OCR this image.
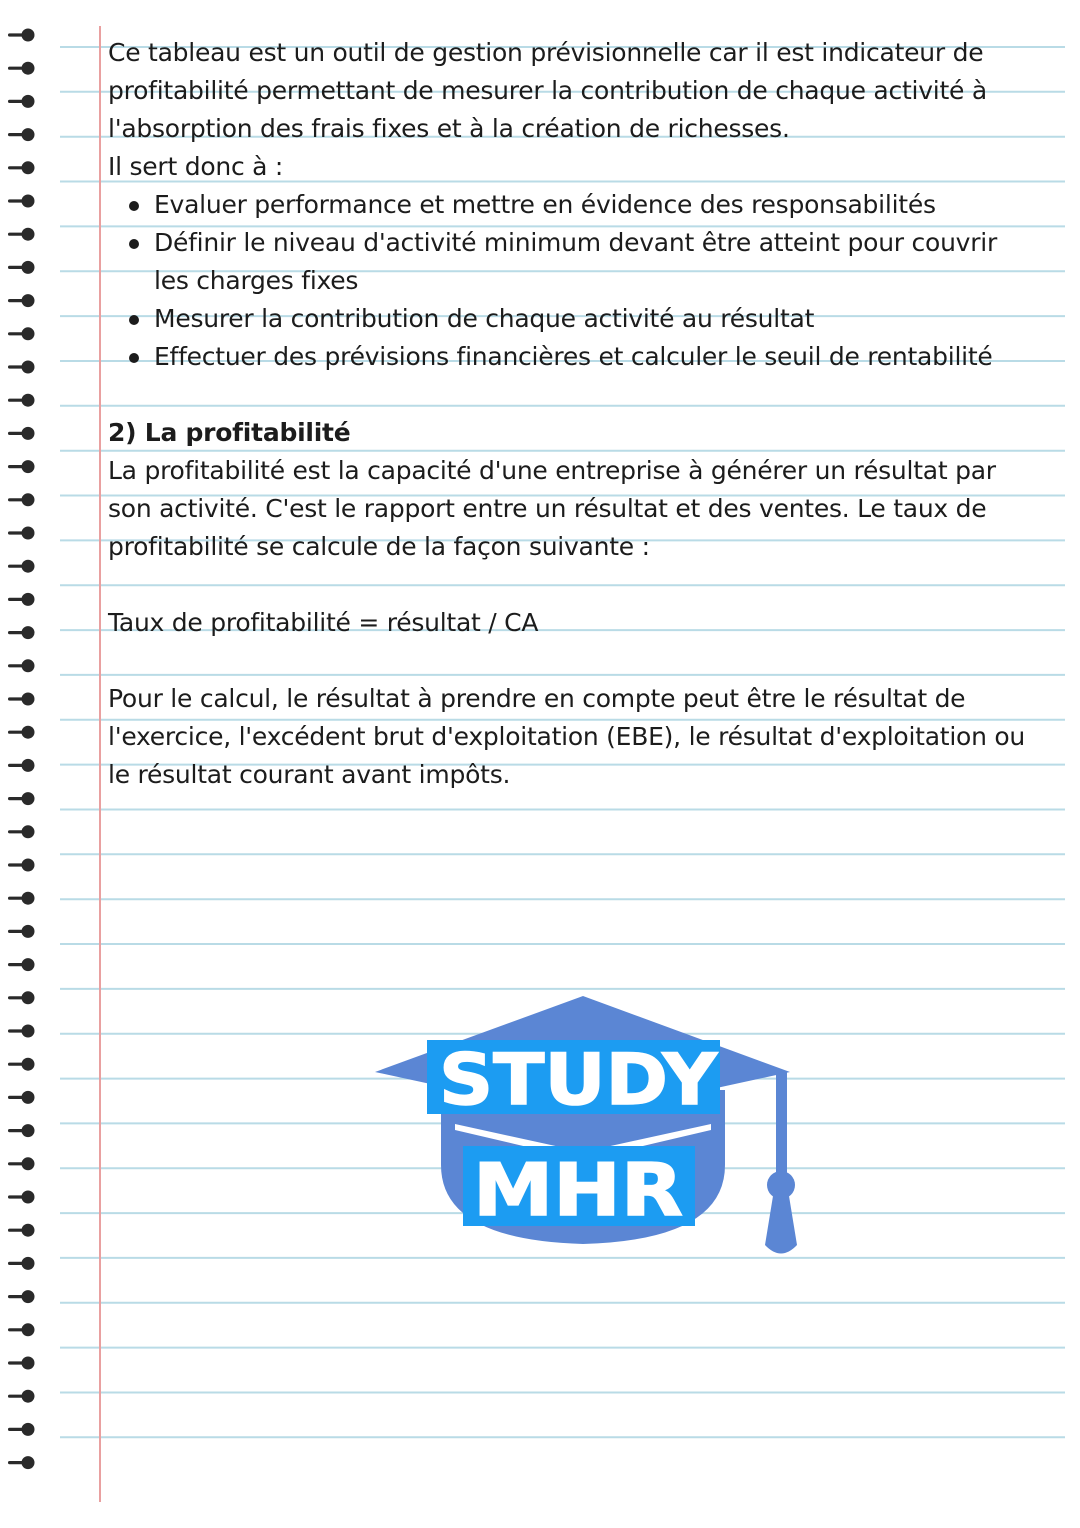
Ce tableau est un outil de gestion prévisionnelle car il est indicateur de profitabilité permettant de mesurer la contribution de chaque activité à l'absorption des frais fixes et à la création de richesses.

Il sert donc à :

Evaluer performance et mettre en évidence des responsabilités
Définir le niveau d'activité minimum devant être atteint pour couvrir les charges fixes
Mesurer la contribution de chaque activité au résultat
Effectuer des prévisions financières et calculer le seuil de rentabilité

2) La profitabilité

La profitabilité est la capacité d'une entreprise à générer un résultat par son activité. C'est le rapport entre un résultat et des ventes. Le taux de profitabilité se calcule de la façon suivante :

Taux de profitabilité = résultat / CA

Pour le calcul, le résultat à prendre en compte peut être le résultat de l'exercice, l'excédent brut d'exploitation (EBE), le résultat d'exploitation ou le résultat courant avant impôts.

STUDY
MHR
